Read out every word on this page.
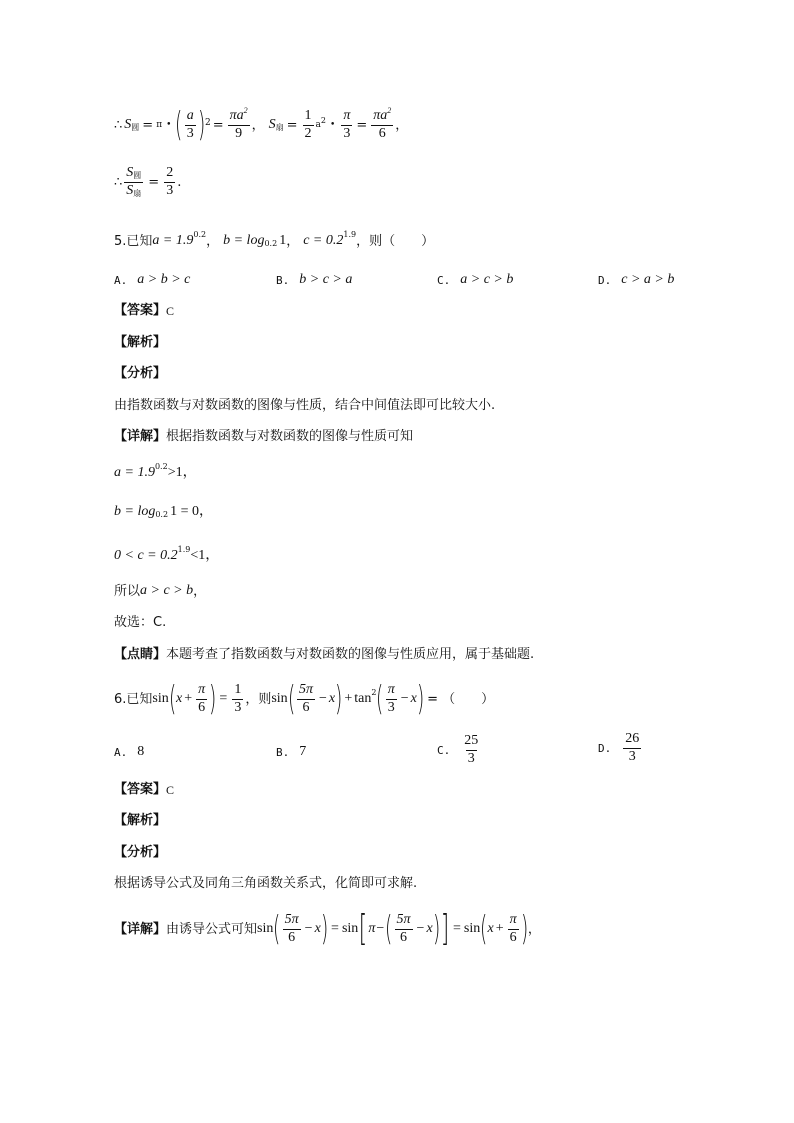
∴ S 圆 = π • ( $\frac{a}{3}$ ) $2 = \frac{\pi a^2}{9}$ ， S 扇 = $\frac{1}{2} a2$ • $\frac{\pi}{3} = \frac{\pi a^2}{6}$ ，
∴ $\frac{\text{S圆}}{\text{S扇}} = \frac{2}{3}$ .
5.已知 a = 1.9 0.2 ， b = log 0.2 1 ， c = 0.2 1.9 ，则（　　）
A. a > b > c	B. b > c > a	C. a > c > b	D. c > a > b
【答案】 C
【解析】
【分析】
由指数函数与对数函数的图像与性质，结合中间值法即可比较大小.
【详解】 根据指数函数与对数函数的图像与性质可知
a = 1.9 0.2 >1，
b = log 0.2 1 = 0，
0 < c = 0.2 1.9 <1，
所以 a > c > b ，
故选：C.
【点睛】 本题考查了指数函数与对数函数的图像与性质应用，属于基础题.
6.已知 sin ( $x + \frac{\pi}{6}$ ) = $\frac{1}{3}$ ，则 sin ( $\frac{5\pi}{6} - x$ ) + tan 2 ( $\frac{\pi}{3} - x$ ) = （　　）
A. 8	B. 7	C. $\frac{25}{3}$	D. $\frac{26}{3}$
【答案】 C
【解析】
【分析】
根据诱导公式及同角三角函数关系式，化简即可求解.
【详解】 由诱导公式可知 sin ( $\frac{5\pi}{6} - x$ ) = sin [ π − ( $\frac{5\pi}{6} - x$ ) ] = sin ( $x + \frac{\pi}{6}$ ) ，
